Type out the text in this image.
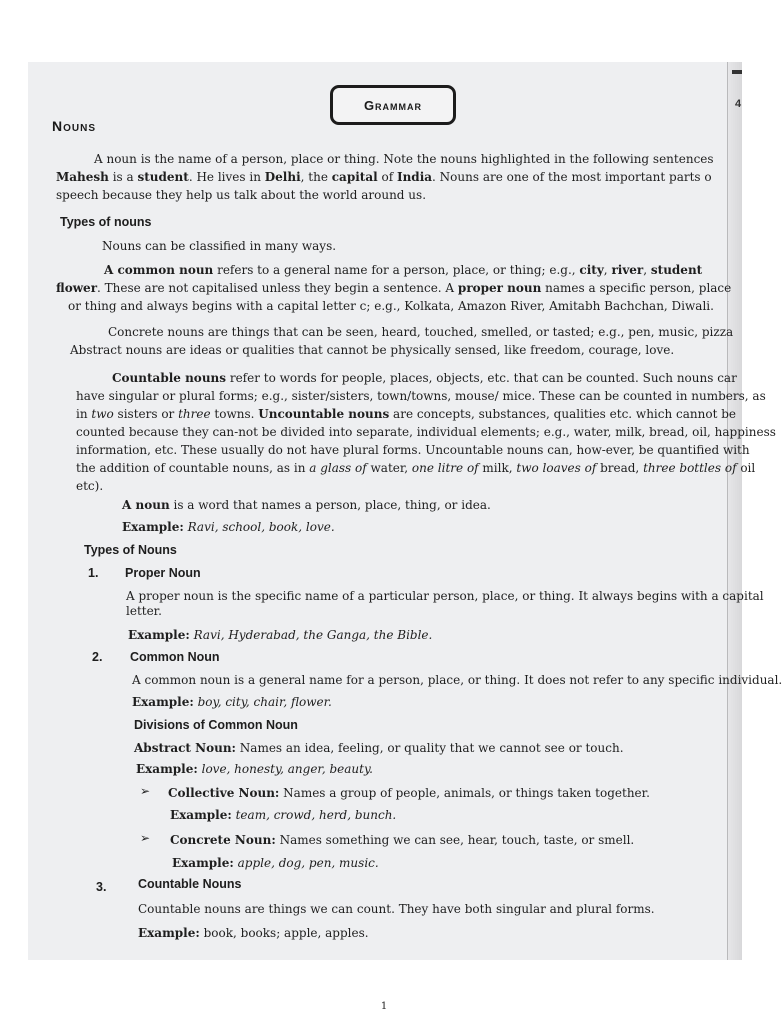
4
Grammar
Nouns
A noun is the name of a person, place or thing. Note the nouns highlighted in the following sentences
Mahesh is a student. He lives in Delhi, the capital of India. Nouns are one of the most important parts o
speech because they help us talk about the world around us.
Types of nouns
Nouns can be classified in many ways.
A common noun refers to a general name for a person, place, or thing; e.g., city, river, student
flower. These are not capitalised unless they begin a sentence. A proper noun names a specific person, place
or thing and always begins with a capital letter c; e.g., Kolkata, Amazon River, Amitabh Bachchan, Diwali.
Concrete nouns are things that can be seen, heard, touched, smelled, or tasted; e.g., pen, music, pizza
Abstract nouns are ideas or qualities that cannot be physically sensed, like freedom, courage, love.
Countable nouns refer to words for people, places, objects, etc. that can be counted. Such nouns car
have singular or plural forms; e.g., sister/sisters, town/towns, mouse/ mice. These can be counted in numbers, as
in two sisters or three towns. Uncountable nouns are concepts, substances, qualities etc. which cannot be
counted because they can-not be divided into separate, individual elements; e.g., water, milk, bread, oil, happiness
information, etc. These usually do not have plural forms. Uncountable nouns can, how-ever, be quantified with
the addition of countable nouns, as in a glass of water, one litre of milk, two loaves of bread, three bottles of oil
etc).
A noun is a word that names a person, place, thing, or idea.
Example: Ravi, school, book, love.
Types of Nouns
1. Proper Noun
A proper noun is the specific name of a particular person, place, or thing. It always begins with a capital
letter.
Example: Ravi, Hyderabad, the Ganga, the Bible.
2. Common Noun
A common noun is a general name for a person, place, or thing. It does not refer to any specific individual.
Example: boy, city, chair, flower.
Divisions of Common Noun
Abstract Noun: Names an idea, feeling, or quality that we cannot see or touch.
Example: love, honesty, anger, beauty.
➢ Collective Noun: Names a group of people, animals, or things taken together.
Example: team, crowd, herd, bunch.
➢ Concrete Noun: Names something we can see, hear, touch, taste, or smell.
Example: apple, dog, pen, music.
3.	Countable Nouns
Countable nouns are things we can count. They have both singular and plural forms.
Example: book, books; apple, apples.
1
